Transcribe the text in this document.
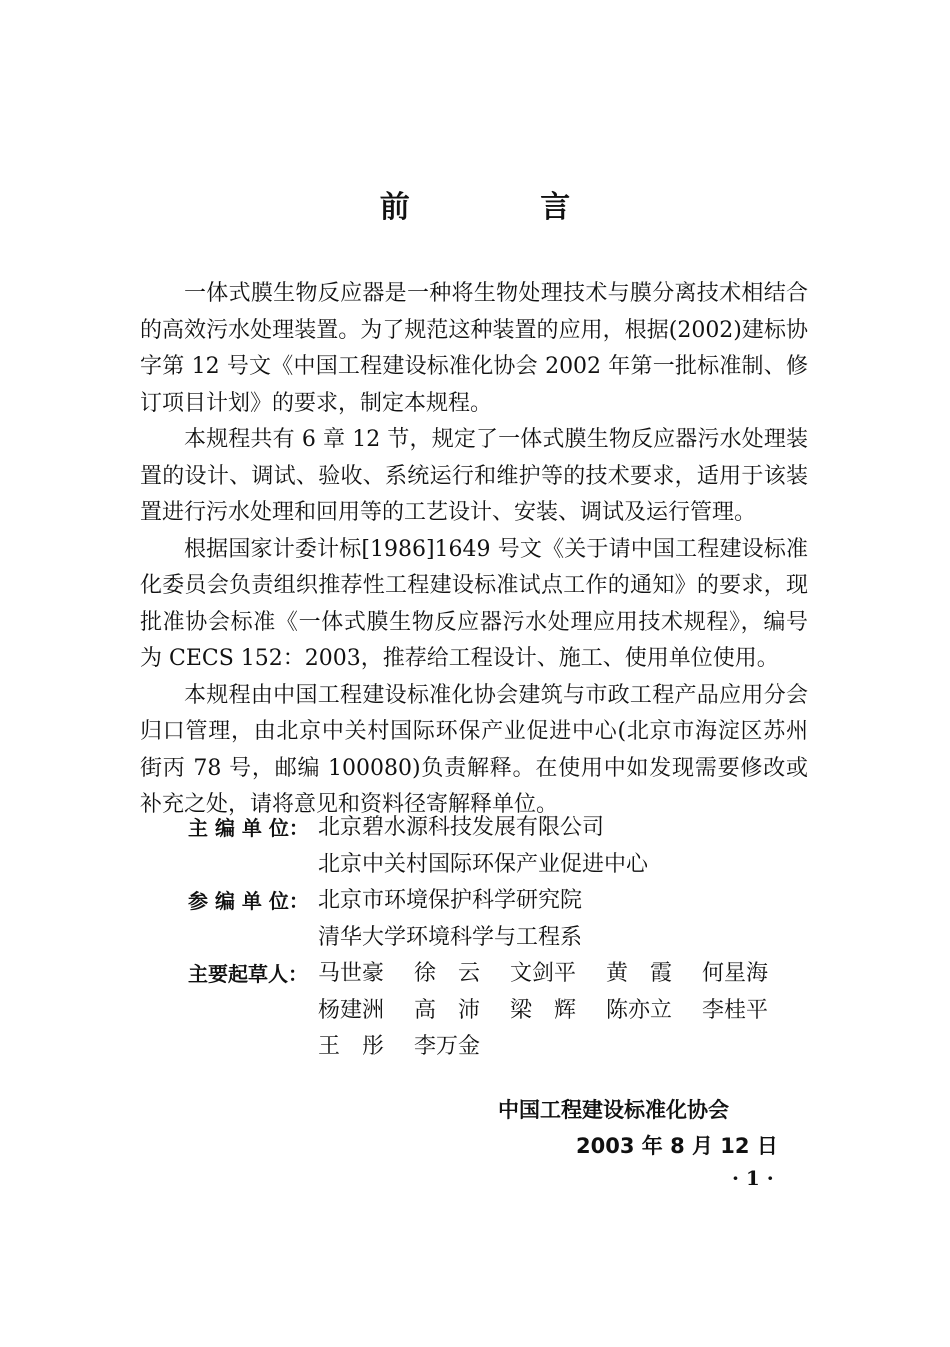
前 言

一体式膜生物反应器是一种将生物处理技术与膜分离技术相结合的高效污水处理装置。为了规范这种装置的应用，根据(2002)建标协字第 12 号文《中国工程建设标准化协会 2002 年第一批标准制、修订项目计划》的要求，制定本规程。

本规程共有 6 章 12 节，规定了一体式膜生物反应器污水处理装置的设计、调试、验收、系统运行和维护等的技术要求，适用于该装置进行污水处理和回用等的工艺设计、安装、调试及运行管理。

根据国家计委计标[1986]1649 号文《关于请中国工程建设标准化委员会负责组织推荐性工程建设标准试点工作的通知》的要求，现批准协会标准《一体式膜生物反应器污水处理应用技术规程》，编号为 CECS 152：2003，推荐给工程设计、施工、使用单位使用。

本规程由中国工程建设标准化协会建筑与市政工程产品应用分会归口管理，由北京中关村国际环保产业促进中心(北京市海淀区苏州街丙 78 号，邮编 100080)负责解释。在使用中如发现需要修改或补充之处，请将意见和资料径寄解释单位。

主 编 单 位： 北京碧水源科技发展有限公司
北京中关村国际环保产业促进中心
参 编 单 位： 北京市环境保护科学研究院
清华大学环境科学与工程系
主要起草人： 马世豪	徐　云	文剑平	黄　霞	何星海
杨建洲	高　沛	梁　辉	陈亦立	李桂平
王　彤	李万金
中国工程建设标准化协会
2003 年 8 月 12 日
· 1 ·
